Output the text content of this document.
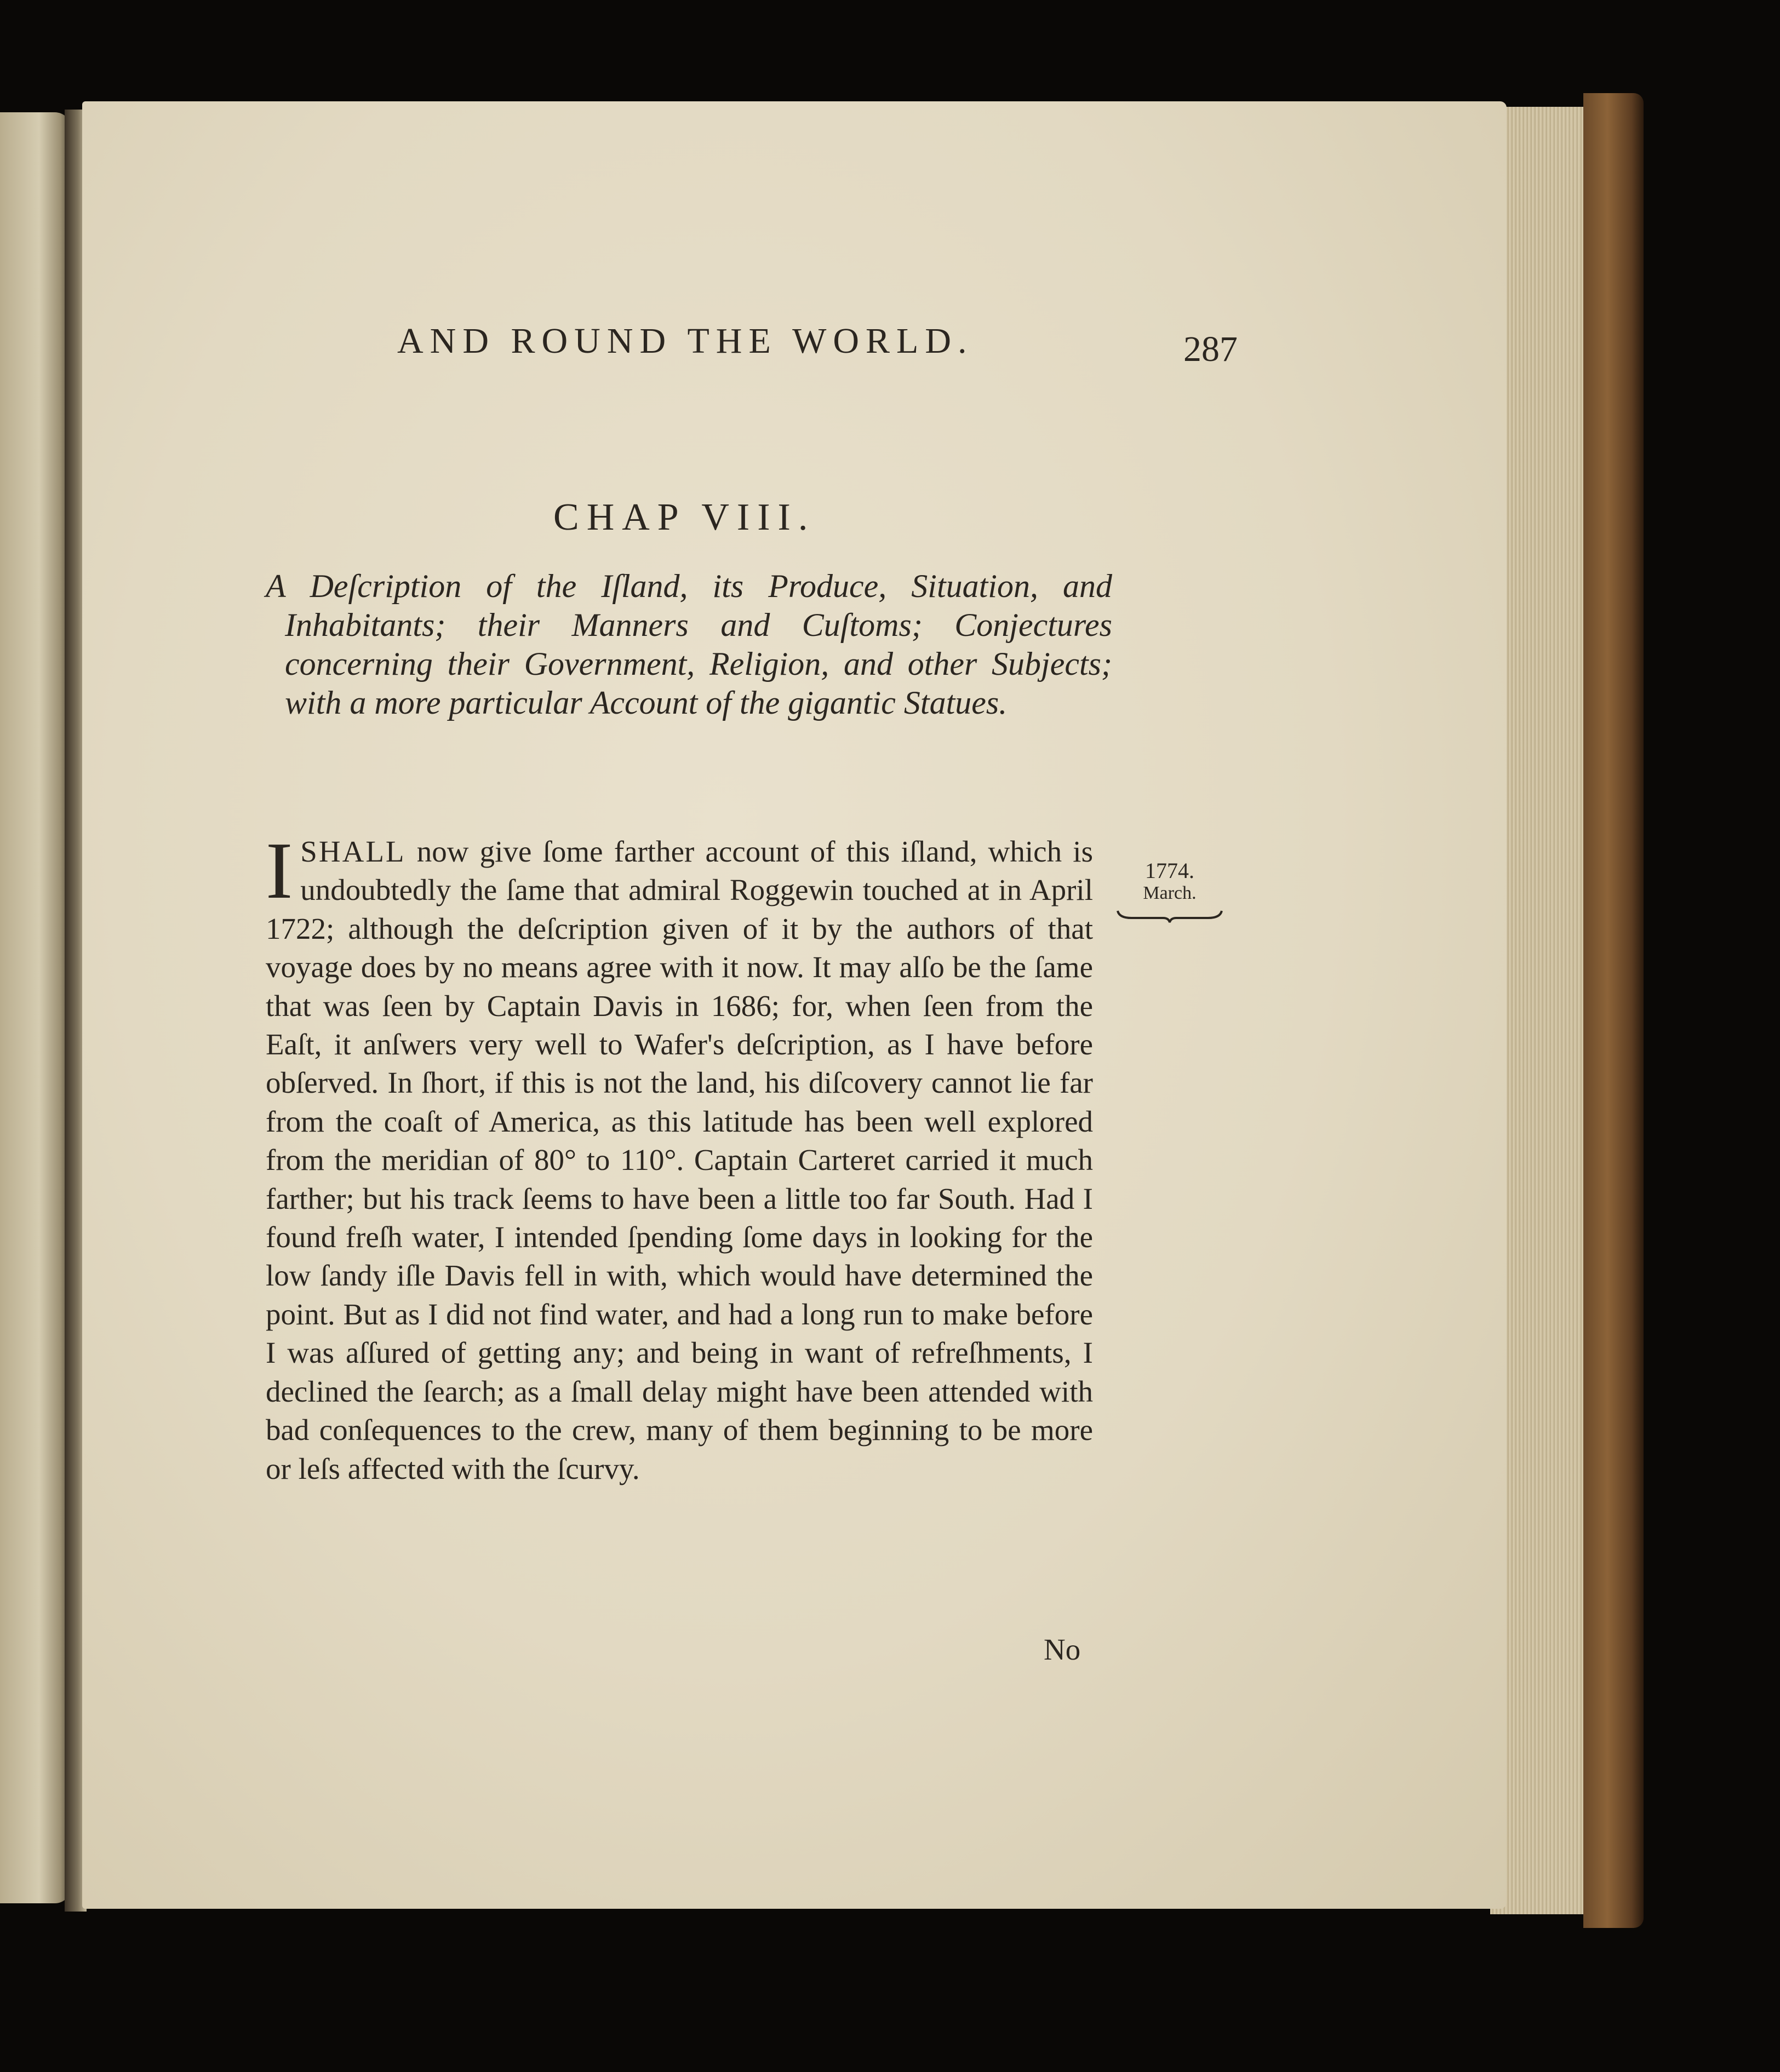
AND ROUND THE WORLD.	287
CHAP VIII.
A Deſcription of the Iſland, its Produce, Situation, and Inhabitants; their Manners and Cuſtoms; Conjectures concerning their Government, Religion, and other Subjects; with a more particular Account of the gigantic Statues.
1774.
March.
ISHALL now give ſome farther account of this iſland, which is undoubtedly the ſame that admiral Roggewin touched at in April 1722; although the deſcription given of it by the authors of that voyage does by no means agree with it now. It may alſo be the ſame that was ſeen by Captain Davis in 1686; for, when ſeen from the Eaſt, it anſwers very well to Wafer's deſcription, as I have before obſerved. In ſhort, if this is not the land, his diſcovery cannot lie far from the coaſt of America, as this latitude has been well explored from the meridian of 80° to 110°. Captain Carteret carried it much farther; but his track ſeems to have been a little too far South. Had I found freſh water, I intended ſpending ſome days in looking for the low ſandy iſle Davis fell in with, which would have determined the point. But as I did not find water, and had a long run to make before I was aſſured of getting any; and being in want of refreſhments, I declined the ſearch; as a ſmall delay might have been attended with bad conſequences to the crew, many of them beginning to be more or leſs affected with the ſcurvy.
No
